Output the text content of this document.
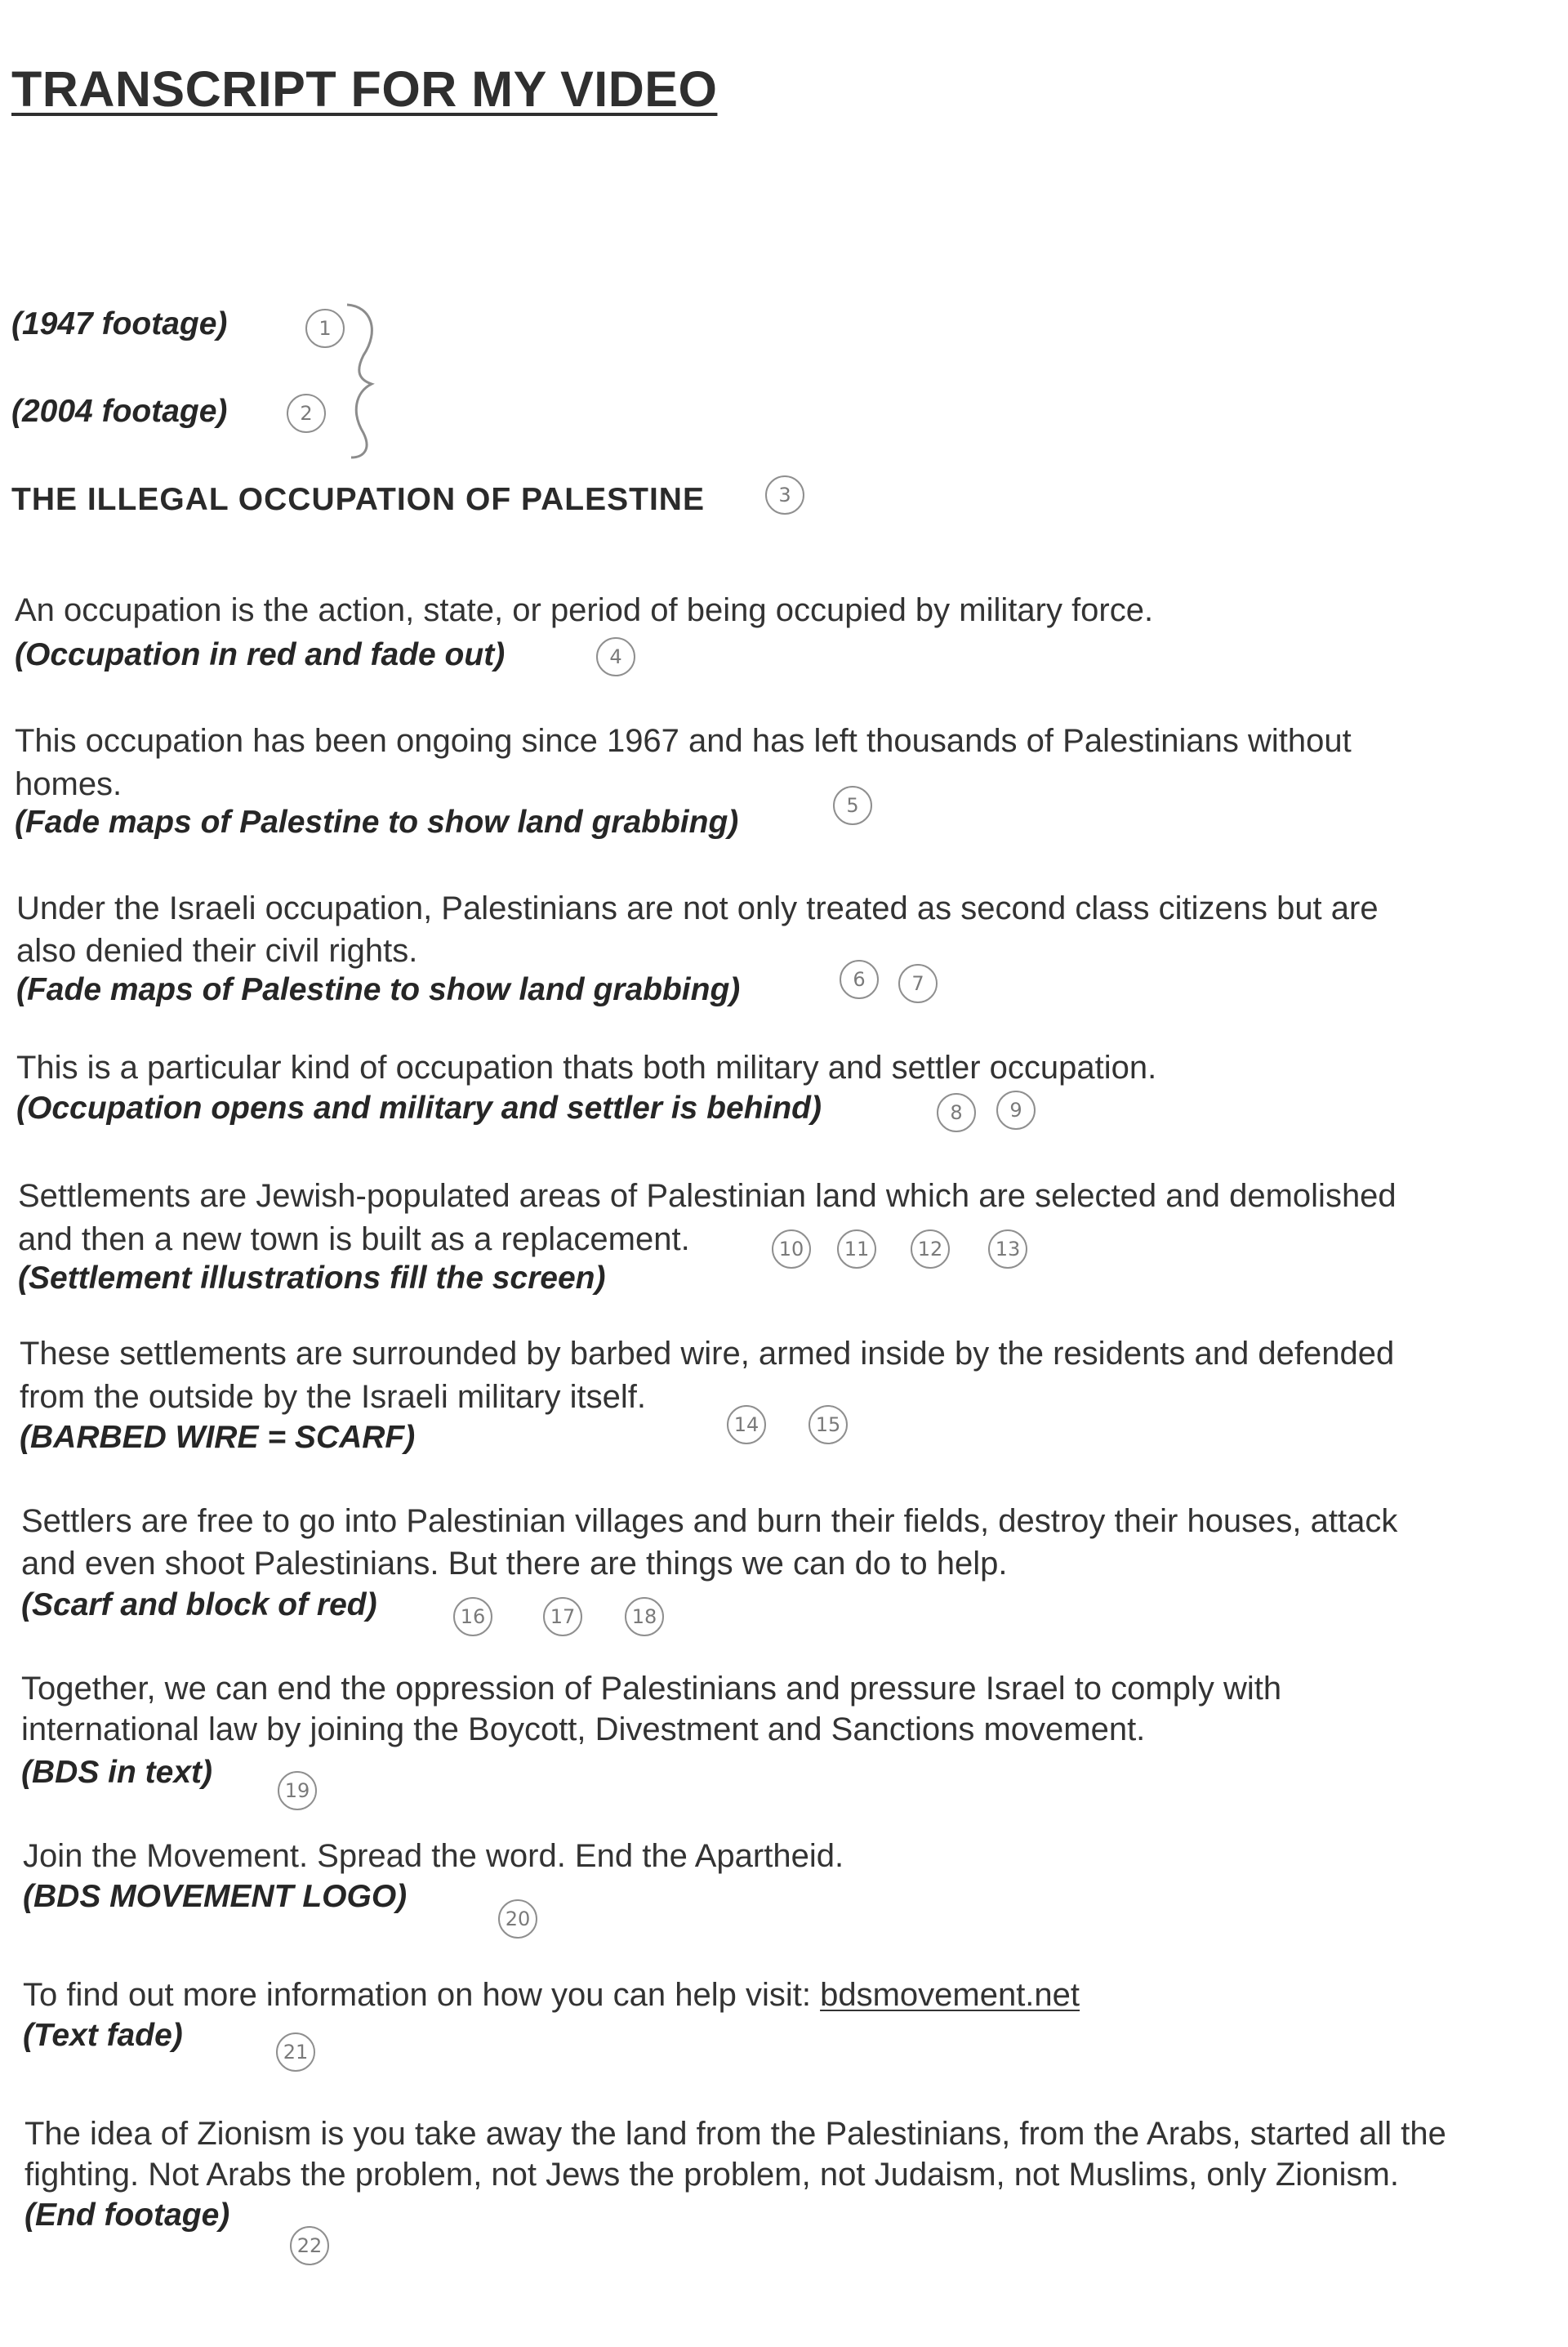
TRANSCRIPT FOR MY VIDEO
(1947 footage)	1
(2004 footage)	2
THE ILLEGAL OCCUPATION OF PALESTINE	3
An occupation is the action, state, or period of being occupied by military force.
(Occupation in red and fade out)	4
This occupation has been ongoing since 1967 and has left thousands of Palestinians without
homes.
(Fade maps of Palestine to show land grabbing)	5
Under the Israeli occupation, Palestinians are not only treated as second class citizens but are
also denied their civil rights.
(Fade maps of Palestine to show land grabbing)	6	7
This is a particular kind of occupation thats both military and settler occupation.
(Occupation opens and military and settler is behind)	8	9
Settlements are Jewish-populated areas of Palestinian land which are selected and demolished
and then a new town is built as a replacement.
(Settlement illustrations fill the screen)
10	11	12	13
These settlements are surrounded by barbed wire, armed inside by the residents and defended
from the outside by the Israeli military itself.
(BARBED WIRE = SCARF)	14	15
Settlers are free to go into Palestinian villages and burn their fields, destroy their houses, attack
and even shoot Palestinians. But there are things we can do to help.
(Scarf and block of red)	16	17	18
Together, we can end the oppression of Palestinians and pressure Israel to comply with
international law by joining the Boycott, Divestment and Sanctions movement.
(BDS in text)
19
Join the Movement. Spread the word. End the Apartheid.
(BDS MOVEMENT LOGO)
20
To find out more information on how you can help visit: bdsmovement.net
(Text fade)	21
The idea of Zionism is you take away the land from the Palestinians, from the Arabs, started all the
fighting. Not Arabs the problem, not Jews the problem, not Judaism, not Muslims, only Zionism.
(End footage)
22
